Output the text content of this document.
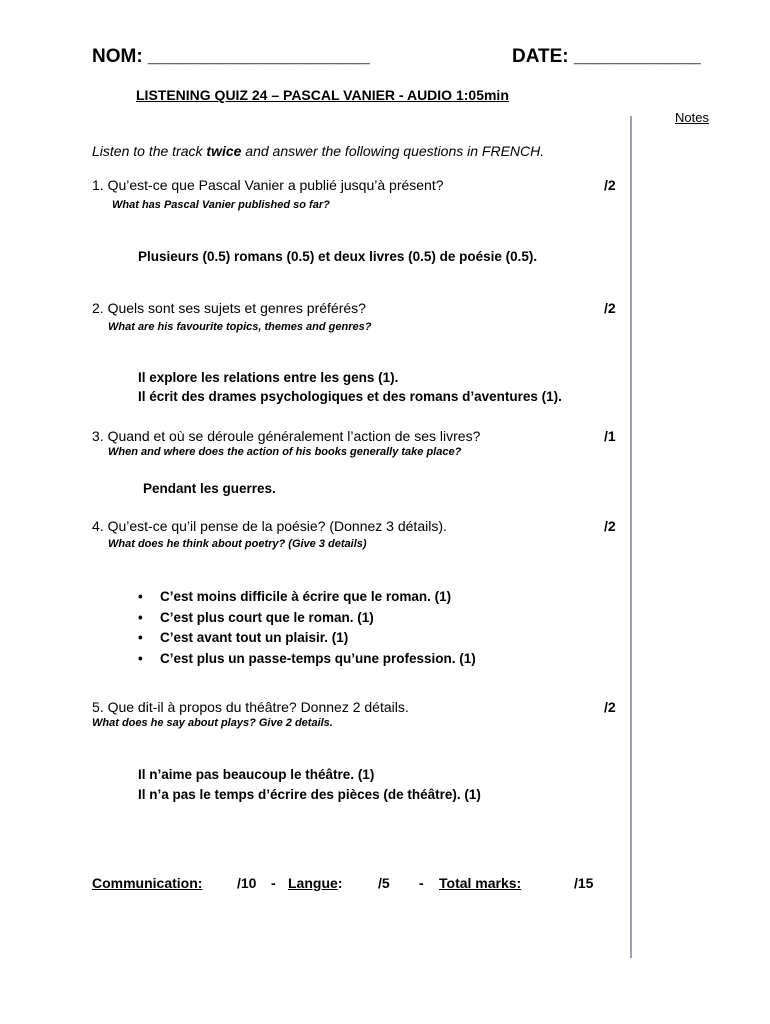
NOM: _____________________	DATE: ____________
LISTENING QUIZ 24 – PASCAL VANIER - AUDIO 1:05min
Notes
Listen to the track twice and answer the following questions in FRENCH.
1. Qu’est-ce que Pascal Vanier a publié jusqu’à présent?	/2
What has Pascal Vanier published so far?
Plusieurs (0.5) romans (0.5) et deux livres (0.5) de poésie (0.5).
2. Quels sont ses sujets et genres préférés?	/2
What are his favourite topics, themes and genres?
Il explore les relations entre les gens (1).
Il écrit des drames psychologiques et des romans d’aventures (1).
3. Quand et où se déroule généralement l’action de ses livres?	/1
When and where does the action of his books generally take place?
Pendant les guerres.
4. Qu’est-ce qu’il pense de la poésie? (Donnez 3 détails).	/2
What does he think about poetry? (Give 3 details)
• C’est moins difficile à écrire que le roman. (1)
• C’est plus court que le roman. (1)
• C’est avant tout un plaisir. (1)
• C’est plus un passe-temps qu’une profession. (1)
5. Que dit-il à propos du théâtre? Donnez 2 détails.	/2
What does he say about plays? Give 2 details.
Il n’aime pas beaucoup le théâtre. (1)
Il n’a pas le temps d’écrire des pièces (de théâtre). (1)
Communication: /10 - Langue:	/5 - Total marks:	/15
